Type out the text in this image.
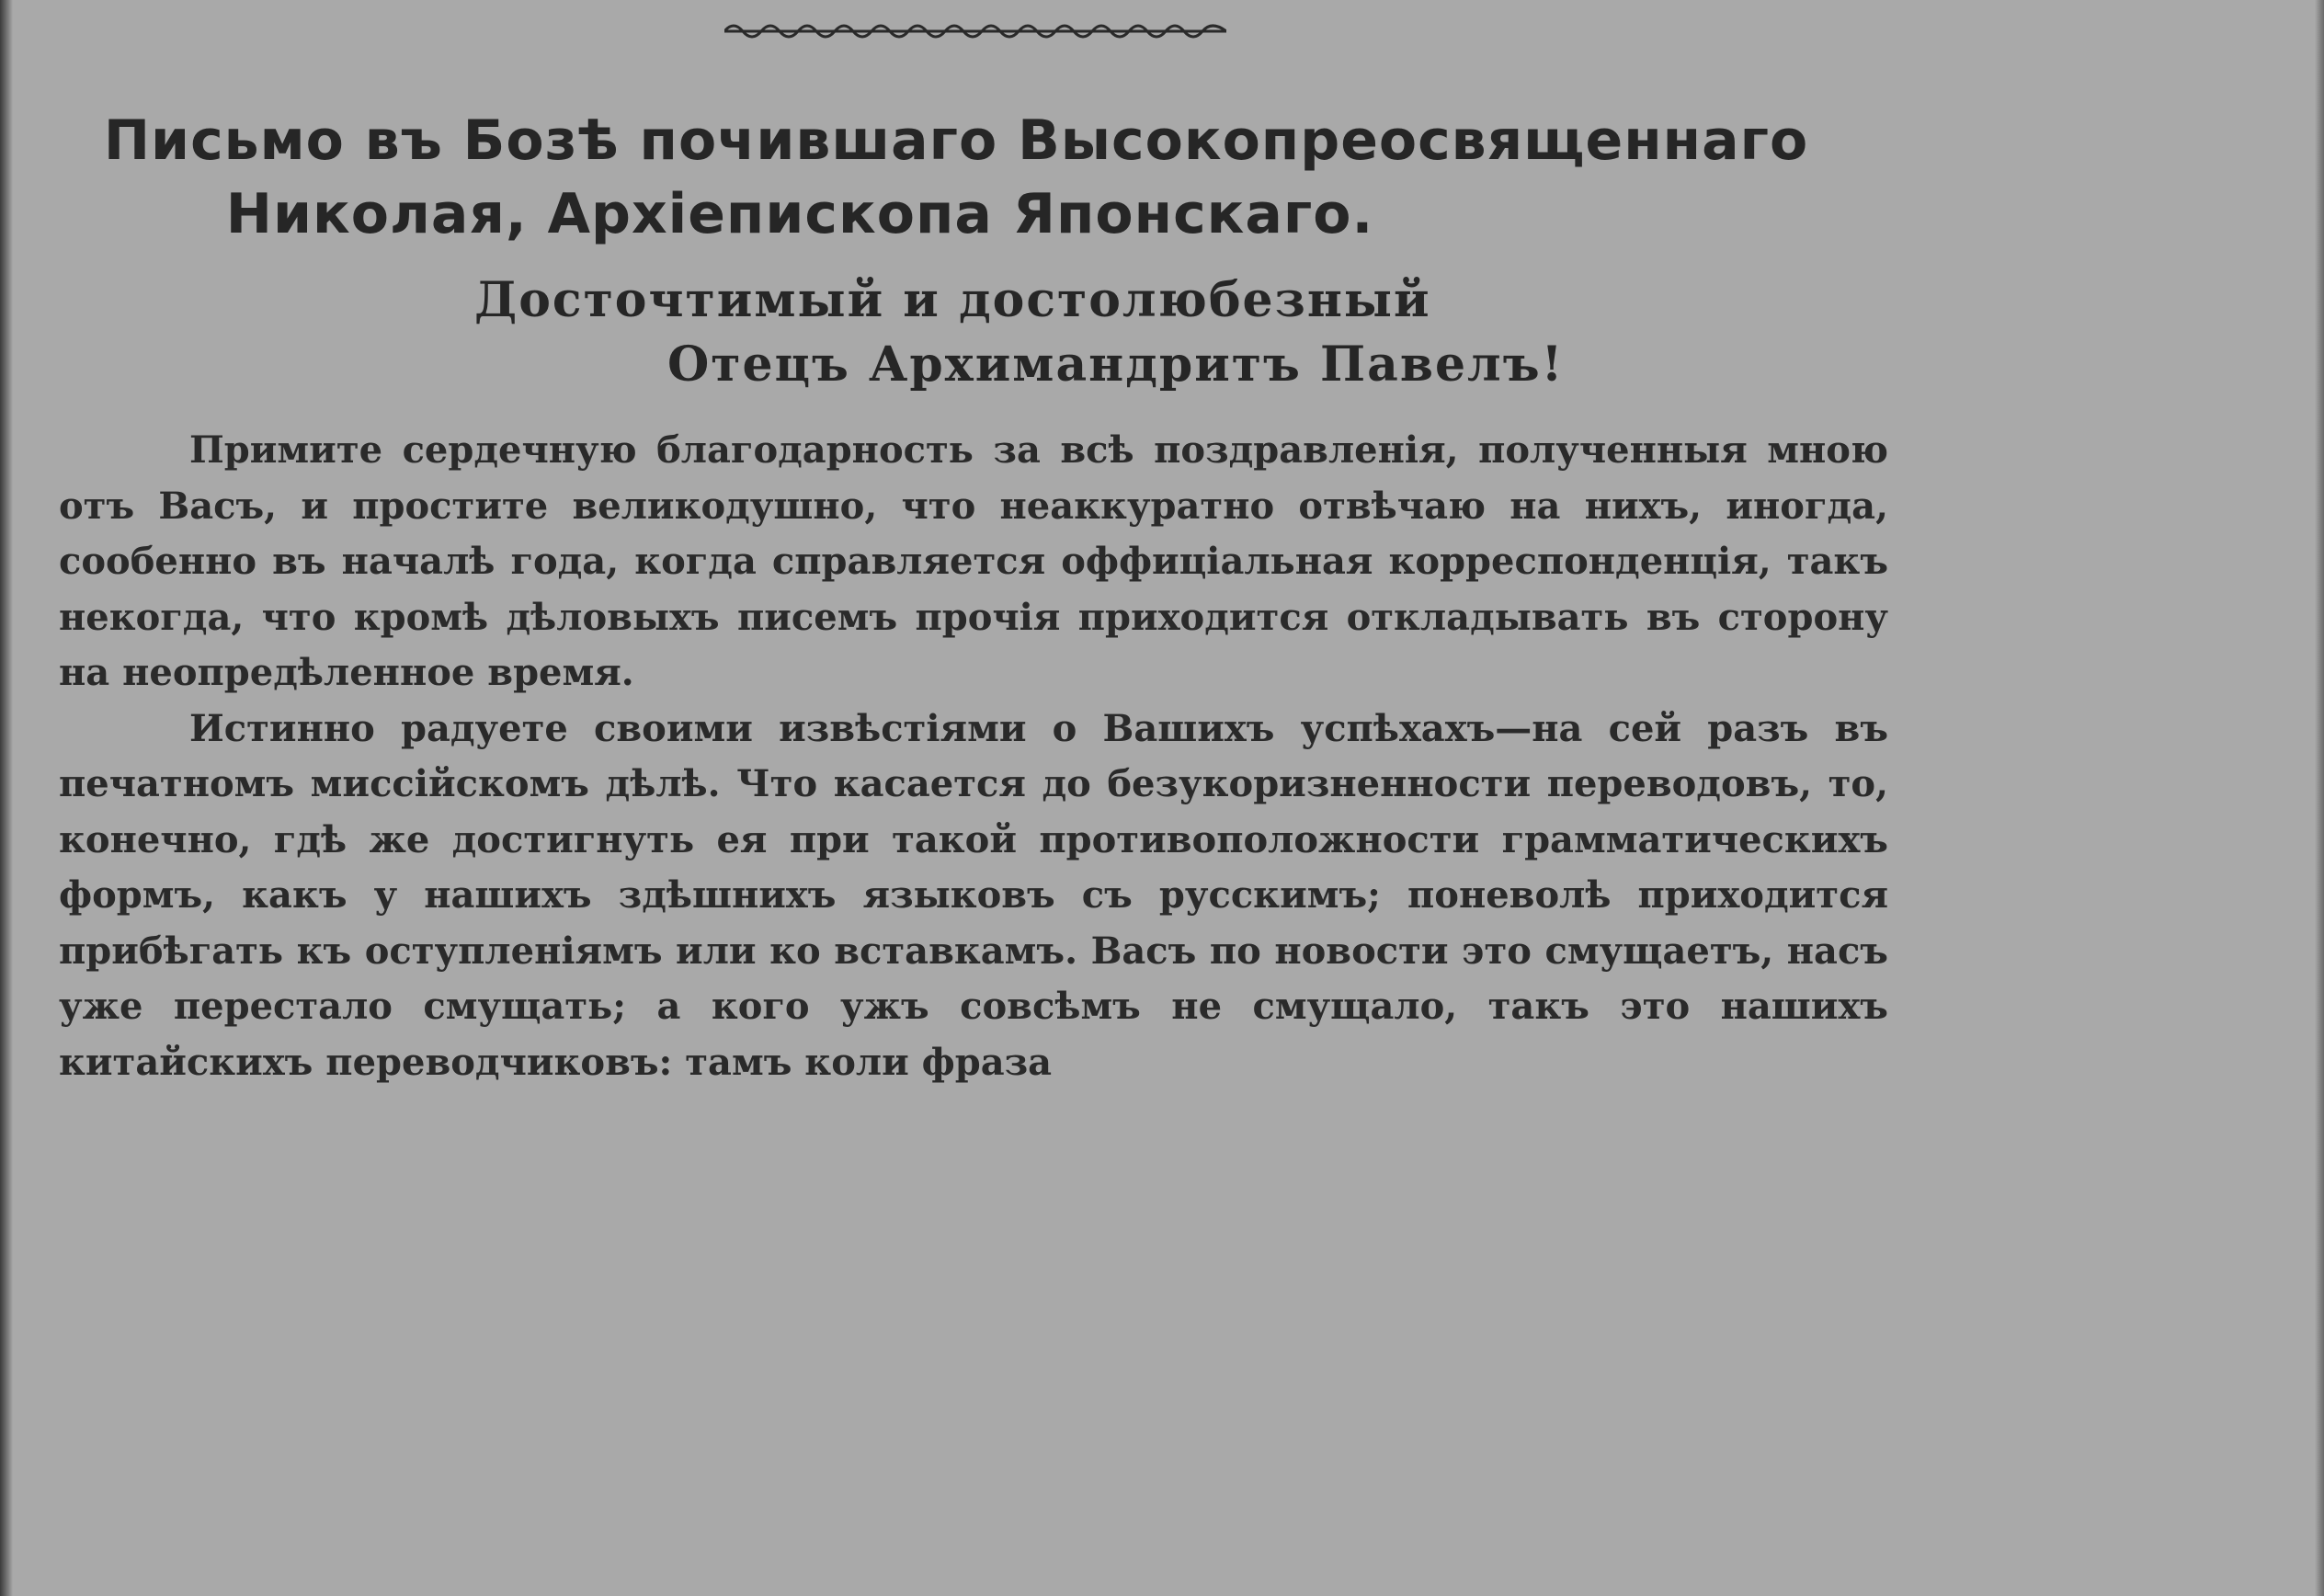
Письмо въ Бозѣ почившаго Высокопреосвященнаго
Николая, Архіепископа Японскаго.
Досточтимый и достолюбезный
Отецъ Архимандритъ Павелъ!

Примите сердечную благодарность за всѣ поздравленія, полученныя мною отъ Васъ, и простите великодушно, что неаккуратно отвѣчаю на нихъ, иногда, сообенно въ началѣ года, когда справляется оффиціальная корреспонденція, такъ некогда, что кромѣ дѣловыхъ писемъ прочія приходится откладывать въ сторону на неопредѣленное время.

Истинно радуете своими извѣстіями о Вашихъ успѣхахъ—на сей разъ въ печатномъ миссійскомъ дѣлѣ. Что касается до безукоризненности переводовъ, то, конечно, гдѣ же достигнуть ея при такой противоположности грамматическихъ формъ, какъ у нашихъ здѣшнихъ языковъ съ русскимъ; поневолѣ приходится прибѣгать къ оступленіямъ или ко вставкамъ. Васъ по новости это смущаетъ, насъ уже перестало смущать; а кого ужъ совсѣмъ не смущало, такъ это нашихъ китайскихъ переводчиковъ: тамъ коли фраза
